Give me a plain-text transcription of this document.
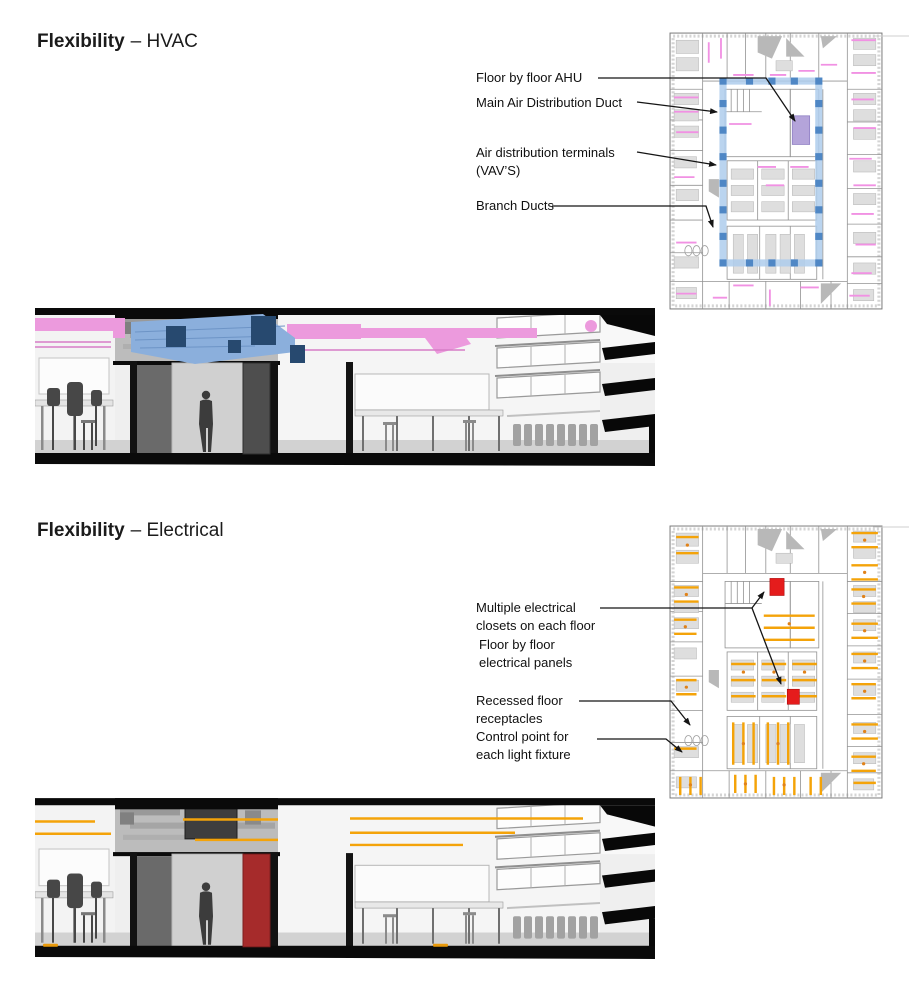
Flexibility – HVAC
Floor by floor AHU
Main Air Distribution Duct
Air distribution terminals
(VAV’S)
Branch Ducts
Flexibility – Electrical
Multiple electrical
closets on each floor
Floor by floor
electrical panels
Recessed floor
receptacles
Control point for
each light fixture
